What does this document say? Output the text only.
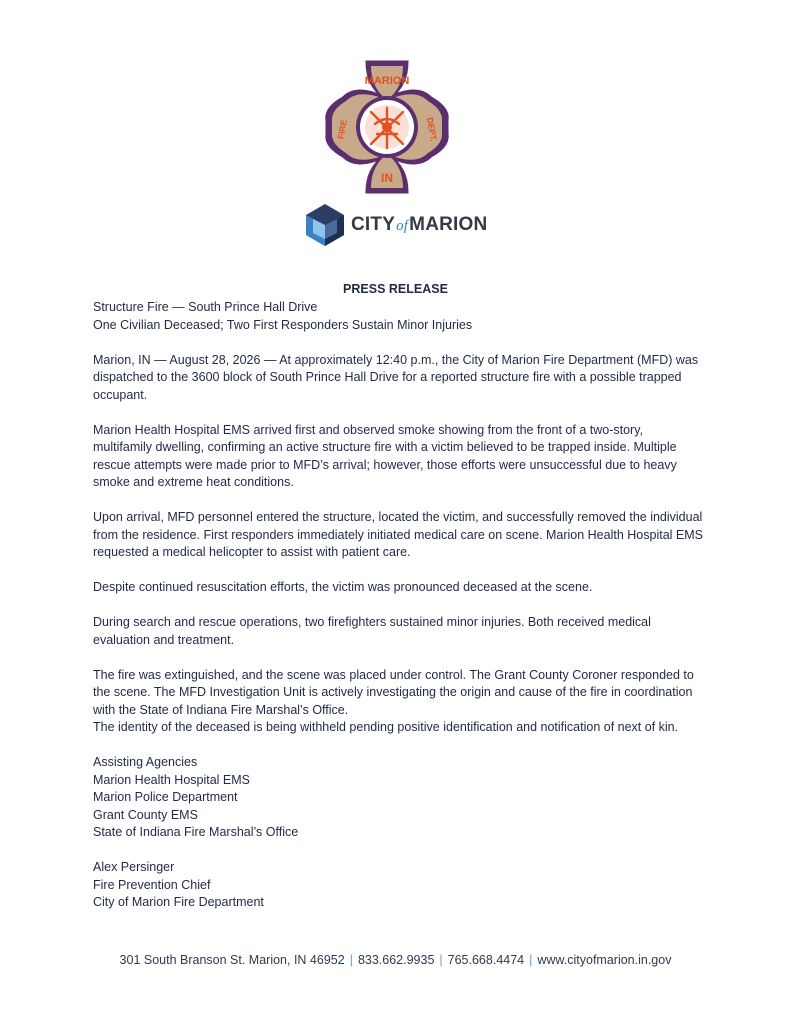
MARION
IN
FIRE	DEPT.
CITYofMARION
PRESS RELEASE

Structure Fire — South Prince Hall Drive

One Civilian Deceased; Two First Responders Sustain Minor Injuries

Marion, IN — August 28, 2026 — At approximately 12:40 p.m., the City of Marion Fire Department (MFD) was dispatched to the 3600 block of South Prince Hall Drive for a reported structure fire with a possible trapped occupant.

Marion Health Hospital EMS arrived first and observed smoke showing from the front of a two-story, multifamily dwelling, confirming an active structure fire with a victim believed to be trapped inside. Multiple rescue attempts were made prior to MFD’s arrival; however, those efforts were unsuccessful due to heavy smoke and extreme heat conditions.

Upon arrival, MFD personnel entered the structure, located the victim, and successfully removed the individual from the residence. First responders immediately initiated medical care on scene. Marion Health Hospital EMS requested a medical helicopter to assist with patient care.

Despite continued resuscitation efforts, the victim was pronounced deceased at the scene.

During search and rescue operations, two firefighters sustained minor injuries. Both received medical evaluation and treatment.

The fire was extinguished, and the scene was placed under control. The Grant County Coroner responded to the scene. The MFD Investigation Unit is actively investigating the origin and cause of the fire in coordination with the State of Indiana Fire Marshal’s Office.

The identity of the deceased is being withheld pending positive identification and notification of next of kin.

Assisting Agencies

Marion Health Hospital EMS

Marion Police Department

Grant County EMS

State of Indiana Fire Marshal’s Office

Alex Persinger

Fire Prevention Chief

City of Marion Fire Department

301 South Branson St. Marion, IN 46952 | 833.662.9935 | 765.668.4474 | www.cityofmarion.in.gov
